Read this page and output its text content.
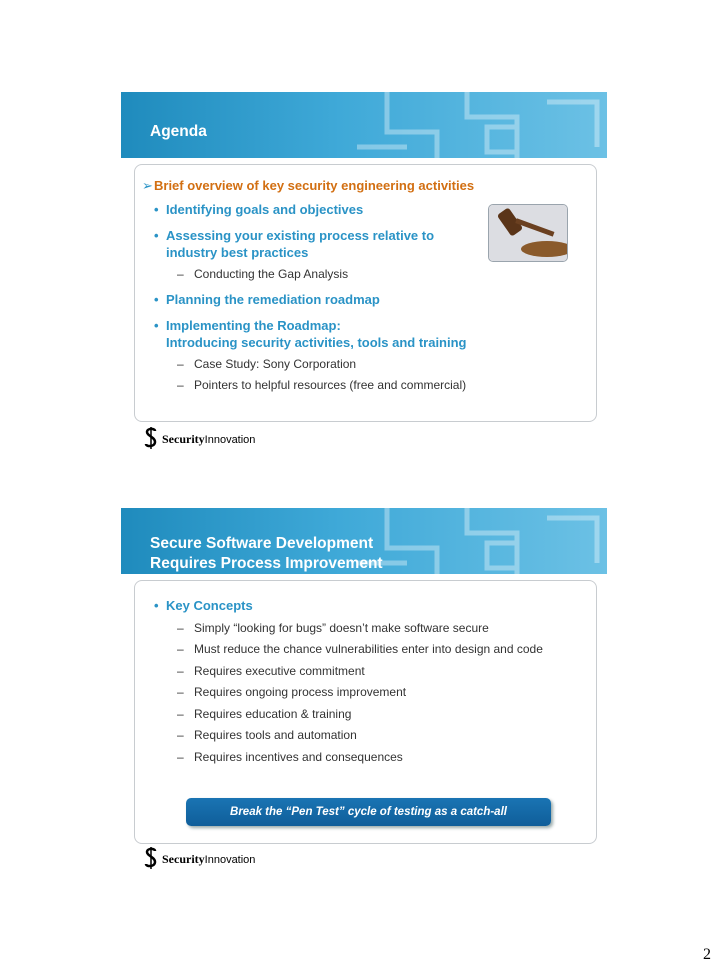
Agenda
➢ Brief overview of key security engineering activities
• Identifying goals and objectives
• Assessing your existing process relative to
industry best practices
– Conducting the Gap Analysis
• Planning the remediation roadmap
• Implementing the Roadmap:
Introducing security activities, tools and training
– Case Study: Sony Corporation
– Pointers to helpful resources (free and commercial)
SecurityInnovation
Secure Software Development
Requires Process Improvement
• Key Concepts
– Simply “looking for bugs” doesn’t make software secure
– Must reduce the chance vulnerabilities enter into design and code
– Requires executive commitment
– Requires ongoing process improvement
– Requires education & training
– Requires tools and automation
– Requires incentives and consequences
Break the “Pen Test” cycle of testing as a catch-all
SecurityInnovation
2
